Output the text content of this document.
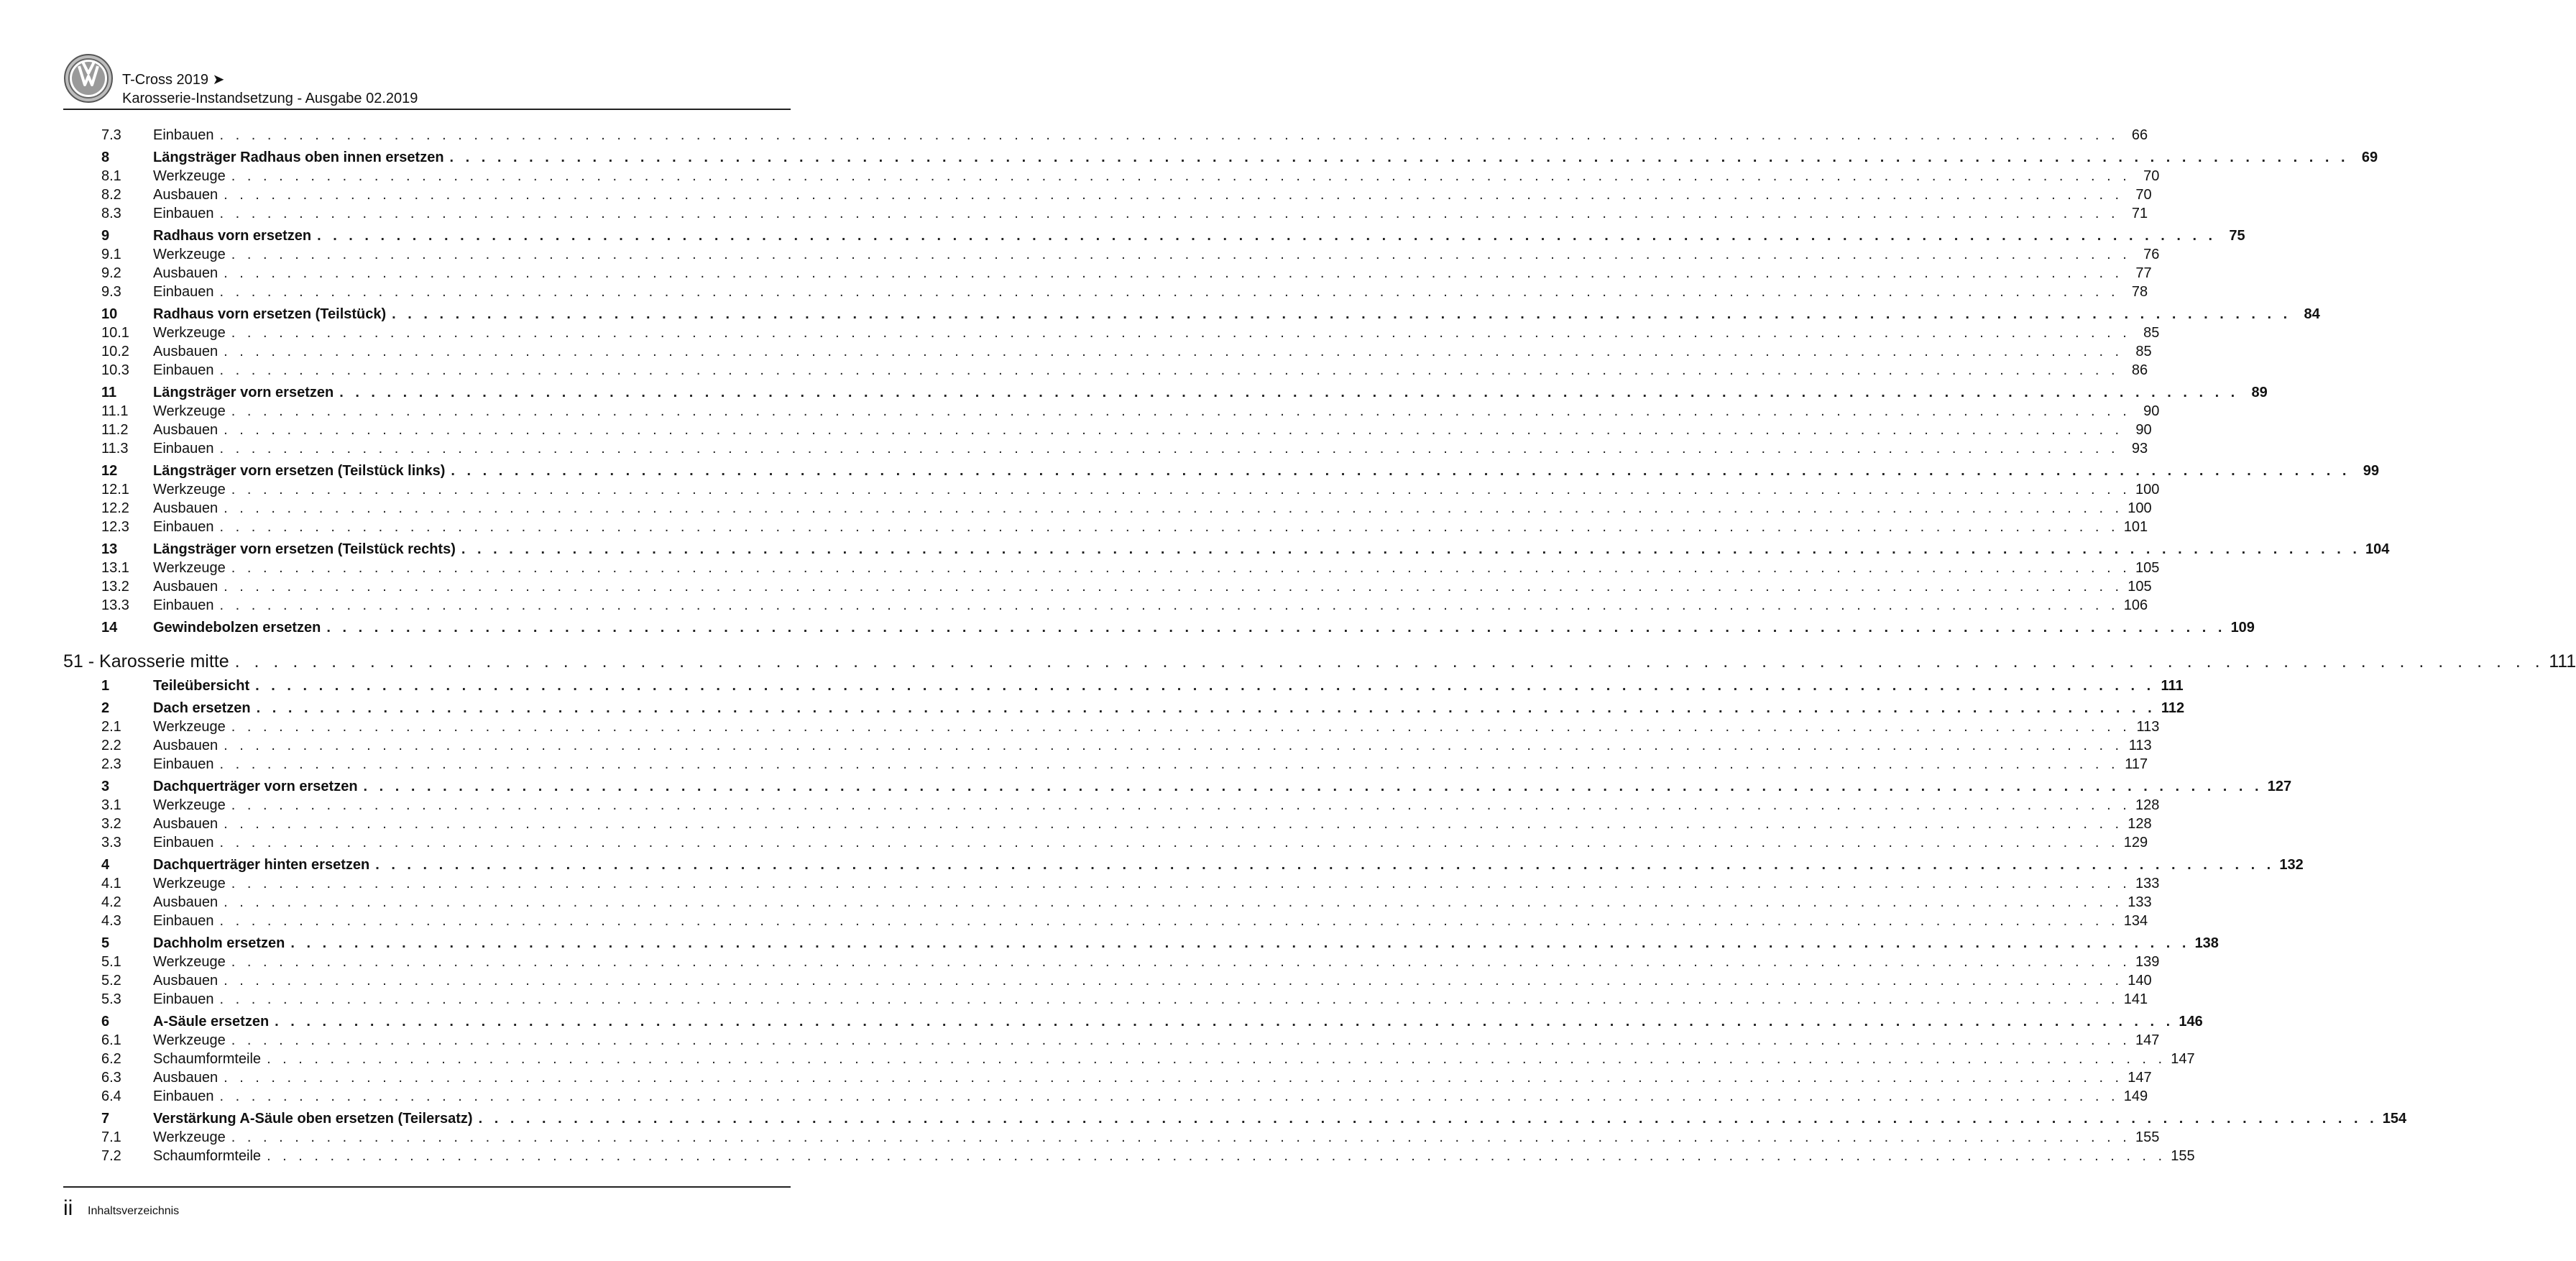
T-Cross 2019 ➤
Karosserie-Instandsetzung - Ausgabe 02.2019
7.3	Einbauen . . . . . . . . . . . . . . . . . . . . . . . . . . . . . . . . . . . . . . . . . . . . . . . . . . . . . . . . . . . . . . . . . . . . . . . . . . . . . . . . . . . . . . . . . . . . . . . . . . . . . . . . . . . . . . . . . . . . . . . . 66
8	Längsträger Radhaus oben innen ersetzen . . . . . . . . . . . . . . . . . . . . . . . . . . . . . . . . . . . . . . . . . . . . . . . . . . . . . . . . . . . . . . . . . . . . . . . . . . . . . . . . . . . . . . . . . . . . . . . . . . . . . . . . . . . . . . . . . . . . . . . . 69
8.1	Werkzeuge . . . . . . . . . . . . . . . . . . . . . . . . . . . . . . . . . . . . . . . . . . . . . . . . . . . . . . . . . . . . . . . . . . . . . . . . . . . . . . . . . . . . . . . . . . . . . . . . . . . . . . . . . . . . . . . . . . . . . . . . 70
8.2	Ausbauen . . . . . . . . . . . . . . . . . . . . . . . . . . . . . . . . . . . . . . . . . . . . . . . . . . . . . . . . . . . . . . . . . . . . . . . . . . . . . . . . . . . . . . . . . . . . . . . . . . . . . . . . . . . . . . . . . . . . . . . . 70
8.3	Einbauen . . . . . . . . . . . . . . . . . . . . . . . . . . . . . . . . . . . . . . . . . . . . . . . . . . . . . . . . . . . . . . . . . . . . . . . . . . . . . . . . . . . . . . . . . . . . . . . . . . . . . . . . . . . . . . . . . . . . . . . . 71
9	Radhaus vorn ersetzen . . . . . . . . . . . . . . . . . . . . . . . . . . . . . . . . . . . . . . . . . . . . . . . . . . . . . . . . . . . . . . . . . . . . . . . . . . . . . . . . . . . . . . . . . . . . . . . . . . . . . . . . . . . . . . . . . . . . . . . . 75
9.1	Werkzeuge . . . . . . . . . . . . . . . . . . . . . . . . . . . . . . . . . . . . . . . . . . . . . . . . . . . . . . . . . . . . . . . . . . . . . . . . . . . . . . . . . . . . . . . . . . . . . . . . . . . . . . . . . . . . . . . . . . . . . . . . 76
9.2	Ausbauen . . . . . . . . . . . . . . . . . . . . . . . . . . . . . . . . . . . . . . . . . . . . . . . . . . . . . . . . . . . . . . . . . . . . . . . . . . . . . . . . . . . . . . . . . . . . . . . . . . . . . . . . . . . . . . . . . . . . . . . . 77
9.3	Einbauen . . . . . . . . . . . . . . . . . . . . . . . . . . . . . . . . . . . . . . . . . . . . . . . . . . . . . . . . . . . . . . . . . . . . . . . . . . . . . . . . . . . . . . . . . . . . . . . . . . . . . . . . . . . . . . . . . . . . . . . . 78
10	Radhaus vorn ersetzen (Teilstück) . . . . . . . . . . . . . . . . . . . . . . . . . . . . . . . . . . . . . . . . . . . . . . . . . . . . . . . . . . . . . . . . . . . . . . . . . . . . . . . . . . . . . . . . . . . . . . . . . . . . . . . . . . . . . . . . . . . . . . . . 84
10.1	Werkzeuge . . . . . . . . . . . . . . . . . . . . . . . . . . . . . . . . . . . . . . . . . . . . . . . . . . . . . . . . . . . . . . . . . . . . . . . . . . . . . . . . . . . . . . . . . . . . . . . . . . . . . . . . . . . . . . . . . . . . . . . . 85
10.2	Ausbauen . . . . . . . . . . . . . . . . . . . . . . . . . . . . . . . . . . . . . . . . . . . . . . . . . . . . . . . . . . . . . . . . . . . . . . . . . . . . . . . . . . . . . . . . . . . . . . . . . . . . . . . . . . . . . . . . . . . . . . . . 85
10.3	Einbauen . . . . . . . . . . . . . . . . . . . . . . . . . . . . . . . . . . . . . . . . . . . . . . . . . . . . . . . . . . . . . . . . . . . . . . . . . . . . . . . . . . . . . . . . . . . . . . . . . . . . . . . . . . . . . . . . . . . . . . . . 86
11	Längsträger vorn ersetzen . . . . . . . . . . . . . . . . . . . . . . . . . . . . . . . . . . . . . . . . . . . . . . . . . . . . . . . . . . . . . . . . . . . . . . . . . . . . . . . . . . . . . . . . . . . . . . . . . . . . . . . . . . . . . . . . . . . . . . . . 89
11.1	Werkzeuge . . . . . . . . . . . . . . . . . . . . . . . . . . . . . . . . . . . . . . . . . . . . . . . . . . . . . . . . . . . . . . . . . . . . . . . . . . . . . . . . . . . . . . . . . . . . . . . . . . . . . . . . . . . . . . . . . . . . . . . . 90
11.2	Ausbauen . . . . . . . . . . . . . . . . . . . . . . . . . . . . . . . . . . . . . . . . . . . . . . . . . . . . . . . . . . . . . . . . . . . . . . . . . . . . . . . . . . . . . . . . . . . . . . . . . . . . . . . . . . . . . . . . . . . . . . . . 90
11.3	Einbauen . . . . . . . . . . . . . . . . . . . . . . . . . . . . . . . . . . . . . . . . . . . . . . . . . . . . . . . . . . . . . . . . . . . . . . . . . . . . . . . . . . . . . . . . . . . . . . . . . . . . . . . . . . . . . . . . . . . . . . . . 93
12	Längsträger vorn ersetzen (Teilstück links) . . . . . . . . . . . . . . . . . . . . . . . . . . . . . . . . . . . . . . . . . . . . . . . . . . . . . . . . . . . . . . . . . . . . . . . . . . . . . . . . . . . . . . . . . . . . . . . . . . . . . . . . . . . . . . . . . . . . . . . . 99
12.1	Werkzeuge . . . . . . . . . . . . . . . . . . . . . . . . . . . . . . . . . . . . . . . . . . . . . . . . . . . . . . . . . . . . . . . . . . . . . . . . . . . . . . . . . . . . . . . . . . . . . . . . . . . . . . . . . . . . . . . . . . . . . . . . 100
12.2	Ausbauen . . . . . . . . . . . . . . . . . . . . . . . . . . . . . . . . . . . . . . . . . . . . . . . . . . . . . . . . . . . . . . . . . . . . . . . . . . . . . . . . . . . . . . . . . . . . . . . . . . . . . . . . . . . . . . . . . . . . . . . . 100
12.3	Einbauen . . . . . . . . . . . . . . . . . . . . . . . . . . . . . . . . . . . . . . . . . . . . . . . . . . . . . . . . . . . . . . . . . . . . . . . . . . . . . . . . . . . . . . . . . . . . . . . . . . . . . . . . . . . . . . . . . . . . . . . . 101
13	Längsträger vorn ersetzen (Teilstück rechts) . . . . . . . . . . . . . . . . . . . . . . . . . . . . . . . . . . . . . . . . . . . . . . . . . . . . . . . . . . . . . . . . . . . . . . . . . . . . . . . . . . . . . . . . . . . . . . . . . . . . . . . . . . . . . . . . . . . . . . . . 104
13.1	Werkzeuge . . . . . . . . . . . . . . . . . . . . . . . . . . . . . . . . . . . . . . . . . . . . . . . . . . . . . . . . . . . . . . . . . . . . . . . . . . . . . . . . . . . . . . . . . . . . . . . . . . . . . . . . . . . . . . . . . . . . . . . . 105
13.2	Ausbauen . . . . . . . . . . . . . . . . . . . . . . . . . . . . . . . . . . . . . . . . . . . . . . . . . . . . . . . . . . . . . . . . . . . . . . . . . . . . . . . . . . . . . . . . . . . . . . . . . . . . . . . . . . . . . . . . . . . . . . . . 105
13.3	Einbauen . . . . . . . . . . . . . . . . . . . . . . . . . . . . . . . . . . . . . . . . . . . . . . . . . . . . . . . . . . . . . . . . . . . . . . . . . . . . . . . . . . . . . . . . . . . . . . . . . . . . . . . . . . . . . . . . . . . . . . . . 106
14	Gewindebolzen ersetzen . . . . . . . . . . . . . . . . . . . . . . . . . . . . . . . . . . . . . . . . . . . . . . . . . . . . . . . . . . . . . . . . . . . . . . . . . . . . . . . . . . . . . . . . . . . . . . . . . . . . . . . . . . . . . . . . . . . . . . . . 109
51 - Karosserie mitte . . . . . . . . . . . . . . . . . . . . . . . . . . . . . . . . . . . . . . . . . . . . . . . . . . . . . . . . . . . . . . . . . . . . . . . . . . . . . . . . . . . . . . . . . . . . . . . . . . . . . . . . . . . . . . . . . . . . . . . . 111
1	Teileübersicht . . . . . . . . . . . . . . . . . . . . . . . . . . . . . . . . . . . . . . . . . . . . . . . . . . . . . . . . . . . . . . . . . . . . . . . . . . . . . . . . . . . . . . . . . . . . . . . . . . . . . . . . . . . . . . . . . . . . . . . . 111
2	Dach ersetzen . . . . . . . . . . . . . . . . . . . . . . . . . . . . . . . . . . . . . . . . . . . . . . . . . . . . . . . . . . . . . . . . . . . . . . . . . . . . . . . . . . . . . . . . . . . . . . . . . . . . . . . . . . . . . . . . . . . . . . . . 112
2.1	Werkzeuge . . . . . . . . . . . . . . . . . . . . . . . . . . . . . . . . . . . . . . . . . . . . . . . . . . . . . . . . . . . . . . . . . . . . . . . . . . . . . . . . . . . . . . . . . . . . . . . . . . . . . . . . . . . . . . . . . . . . . . . . 113
2.2	Ausbauen . . . . . . . . . . . . . . . . . . . . . . . . . . . . . . . . . . . . . . . . . . . . . . . . . . . . . . . . . . . . . . . . . . . . . . . . . . . . . . . . . . . . . . . . . . . . . . . . . . . . . . . . . . . . . . . . . . . . . . . . 113
2.3	Einbauen . . . . . . . . . . . . . . . . . . . . . . . . . . . . . . . . . . . . . . . . . . . . . . . . . . . . . . . . . . . . . . . . . . . . . . . . . . . . . . . . . . . . . . . . . . . . . . . . . . . . . . . . . . . . . . . . . . . . . . . . 117
3	Dachquerträger vorn ersetzen . . . . . . . . . . . . . . . . . . . . . . . . . . . . . . . . . . . . . . . . . . . . . . . . . . . . . . . . . . . . . . . . . . . . . . . . . . . . . . . . . . . . . . . . . . . . . . . . . . . . . . . . . . . . . . . . . . . . . . . . 127
3.1	Werkzeuge . . . . . . . . . . . . . . . . . . . . . . . . . . . . . . . . . . . . . . . . . . . . . . . . . . . . . . . . . . . . . . . . . . . . . . . . . . . . . . . . . . . . . . . . . . . . . . . . . . . . . . . . . . . . . . . . . . . . . . . . 128
3.2	Ausbauen . . . . . . . . . . . . . . . . . . . . . . . . . . . . . . . . . . . . . . . . . . . . . . . . . . . . . . . . . . . . . . . . . . . . . . . . . . . . . . . . . . . . . . . . . . . . . . . . . . . . . . . . . . . . . . . . . . . . . . . . 128
3.3	Einbauen . . . . . . . . . . . . . . . . . . . . . . . . . . . . . . . . . . . . . . . . . . . . . . . . . . . . . . . . . . . . . . . . . . . . . . . . . . . . . . . . . . . . . . . . . . . . . . . . . . . . . . . . . . . . . . . . . . . . . . . . 129
4	Dachquerträger hinten ersetzen . . . . . . . . . . . . . . . . . . . . . . . . . . . . . . . . . . . . . . . . . . . . . . . . . . . . . . . . . . . . . . . . . . . . . . . . . . . . . . . . . . . . . . . . . . . . . . . . . . . . . . . . . . . . . . . . . . . . . . . . 132
4.1	Werkzeuge . . . . . . . . . . . . . . . . . . . . . . . . . . . . . . . . . . . . . . . . . . . . . . . . . . . . . . . . . . . . . . . . . . . . . . . . . . . . . . . . . . . . . . . . . . . . . . . . . . . . . . . . . . . . . . . . . . . . . . . . 133
4.2	Ausbauen . . . . . . . . . . . . . . . . . . . . . . . . . . . . . . . . . . . . . . . . . . . . . . . . . . . . . . . . . . . . . . . . . . . . . . . . . . . . . . . . . . . . . . . . . . . . . . . . . . . . . . . . . . . . . . . . . . . . . . . . 133
4.3	Einbauen . . . . . . . . . . . . . . . . . . . . . . . . . . . . . . . . . . . . . . . . . . . . . . . . . . . . . . . . . . . . . . . . . . . . . . . . . . . . . . . . . . . . . . . . . . . . . . . . . . . . . . . . . . . . . . . . . . . . . . . . 134
5	Dachholm ersetzen . . . . . . . . . . . . . . . . . . . . . . . . . . . . . . . . . . . . . . . . . . . . . . . . . . . . . . . . . . . . . . . . . . . . . . . . . . . . . . . . . . . . . . . . . . . . . . . . . . . . . . . . . . . . . . . . . . . . . . . . 138
5.1	Werkzeuge . . . . . . . . . . . . . . . . . . . . . . . . . . . . . . . . . . . . . . . . . . . . . . . . . . . . . . . . . . . . . . . . . . . . . . . . . . . . . . . . . . . . . . . . . . . . . . . . . . . . . . . . . . . . . . . . . . . . . . . . 139
5.2	Ausbauen . . . . . . . . . . . . . . . . . . . . . . . . . . . . . . . . . . . . . . . . . . . . . . . . . . . . . . . . . . . . . . . . . . . . . . . . . . . . . . . . . . . . . . . . . . . . . . . . . . . . . . . . . . . . . . . . . . . . . . . . 140
5.3	Einbauen . . . . . . . . . . . . . . . . . . . . . . . . . . . . . . . . . . . . . . . . . . . . . . . . . . . . . . . . . . . . . . . . . . . . . . . . . . . . . . . . . . . . . . . . . . . . . . . . . . . . . . . . . . . . . . . . . . . . . . . . 141
6	A-Säule ersetzen . . . . . . . . . . . . . . . . . . . . . . . . . . . . . . . . . . . . . . . . . . . . . . . . . . . . . . . . . . . . . . . . . . . . . . . . . . . . . . . . . . . . . . . . . . . . . . . . . . . . . . . . . . . . . . . . . . . . . . . . 146
6.1	Werkzeuge . . . . . . . . . . . . . . . . . . . . . . . . . . . . . . . . . . . . . . . . . . . . . . . . . . . . . . . . . . . . . . . . . . . . . . . . . . . . . . . . . . . . . . . . . . . . . . . . . . . . . . . . . . . . . . . . . . . . . . . . 147
6.2	Schaumformteile . . . . . . . . . . . . . . . . . . . . . . . . . . . . . . . . . . . . . . . . . . . . . . . . . . . . . . . . . . . . . . . . . . . . . . . . . . . . . . . . . . . . . . . . . . . . . . . . . . . . . . . . . . . . . . . . . . . . . . . . 147
6.3	Ausbauen . . . . . . . . . . . . . . . . . . . . . . . . . . . . . . . . . . . . . . . . . . . . . . . . . . . . . . . . . . . . . . . . . . . . . . . . . . . . . . . . . . . . . . . . . . . . . . . . . . . . . . . . . . . . . . . . . . . . . . . . 147
6.4	Einbauen . . . . . . . . . . . . . . . . . . . . . . . . . . . . . . . . . . . . . . . . . . . . . . . . . . . . . . . . . . . . . . . . . . . . . . . . . . . . . . . . . . . . . . . . . . . . . . . . . . . . . . . . . . . . . . . . . . . . . . . . 149
7	Verstärkung A-Säule oben ersetzen (Teilersatz) . . . . . . . . . . . . . . . . . . . . . . . . . . . . . . . . . . . . . . . . . . . . . . . . . . . . . . . . . . . . . . . . . . . . . . . . . . . . . . . . . . . . . . . . . . . . . . . . . . . . . . . . . . . . . . . . . . . . . . . . 154
7.1	Werkzeuge . . . . . . . . . . . . . . . . . . . . . . . . . . . . . . . . . . . . . . . . . . . . . . . . . . . . . . . . . . . . . . . . . . . . . . . . . . . . . . . . . . . . . . . . . . . . . . . . . . . . . . . . . . . . . . . . . . . . . . . . 155
7.2	Schaumformteile . . . . . . . . . . . . . . . . . . . . . . . . . . . . . . . . . . . . . . . . . . . . . . . . . . . . . . . . . . . . . . . . . . . . . . . . . . . . . . . . . . . . . . . . . . . . . . . . . . . . . . . . . . . . . . . . . . . . . . . . 155
ii Inhaltsverzeichnis
